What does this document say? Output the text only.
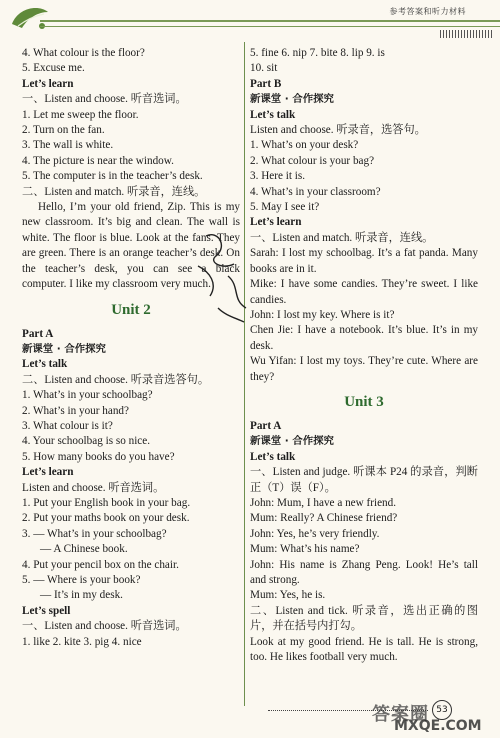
参考答案和听力材料
4. What colour is the floor?
5. Excuse me.
Let’s learn
一、Listen and choose. 听音选词。
1. Let me sweep the floor.
2. Turn on the fan.
3. The wall is white.
4. The picture is near the window.
5. The computer is in the teacher’s desk.
二、Listen and match. 听录音，连线。
Hello, I’m your old friend, Zip. This is my new classroom. It’s big and clean. The wall is white. The floor is blue. Look at the fans. They are green. There is an orange teacher’s desk. On the teacher’s desk, you can see a black computer. I like my classroom very much.
Unit 2
Part A
新课堂 · 合作探究
Let’s talk
二、Listen and choose. 听录音选答句。
1. What’s in your schoolbag?
2. What’s in your hand?
3. What colour is it?
4. Your schoolbag is so nice.
5. How many books do you have?
Let’s learn
Listen and choose. 听音选词。
1. Put your English book in your bag.
2. Put your maths book on your desk.
3. — What’s in your schoolbag?
— A Chinese book.
4. Put your pencil box on the chair.
5. — Where is your book?
— It’s in my desk.
Let’s spell
一、Listen and choose. 听音选词。
1. like 2. kite 3. pig 4. nice
5. fine 6. nip 7. bite 8. lip 9. is
10. sit
Part B
新课堂 · 合作探究
Let’s talk
Listen and choose. 听录音，选答句。
1. What’s on your desk?
2. What colour is your bag?
3. Here it is.
4. What’s in your classroom?
5. May I see it?
Let’s learn
一、Listen and match. 听录音，连线。
Sarah: I lost my schoolbag. It’s a fat panda. Many books are in it.
Mike: I have some candies. They’re sweet. I like candies.
John: I lost my key. Where is it?
Chen Jie: I have a notebook. It’s blue. It’s in my desk.
Wu Yifan: I lost my toys. They’re cute. Where are they?
Unit 3
Part A
新课堂 · 合作探究
Let’s talk
一、Listen and judge. 听课本 P24 的录音，判断正（T）误（F）。
John: Mum, I have a new friend.
Mum: Really? A Chinese friend?
John: Yes, he’s very friendly.
Mum: What’s his name?
John: His name is Zhang Peng. Look! He’s tall and strong.
Mum: Yes, he is.
二、Listen and tick. 听录音，选出正确的图片，并在括号内打勾。
Look at my good friend. He is tall. He is strong, too. He likes football very much.
答案圈
MXQE.COM
53
